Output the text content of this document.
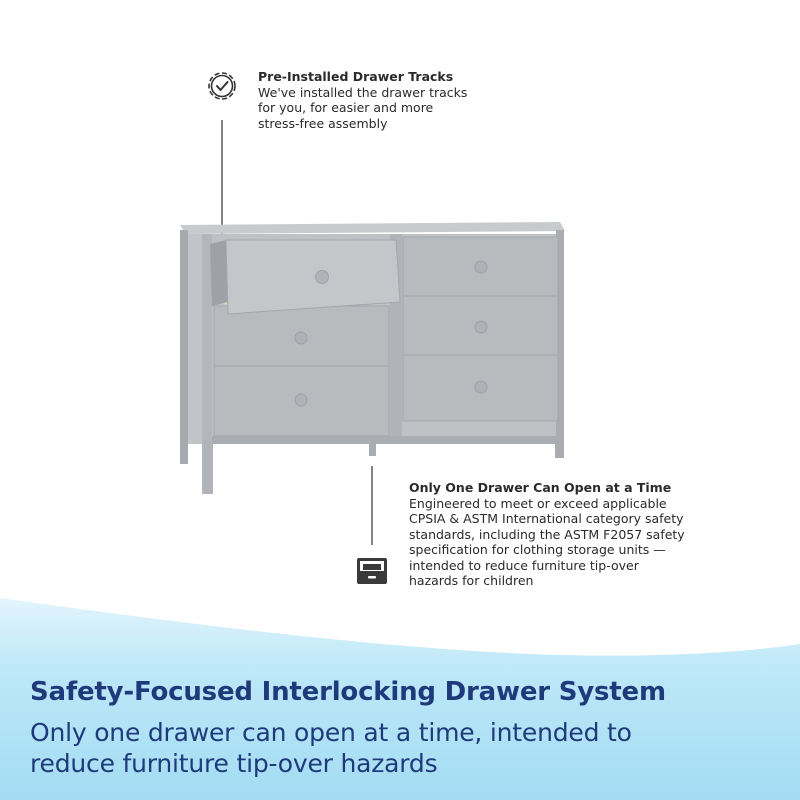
Pre-Installed Drawer Tracks
We've installed the drawer tracks
for you, for easier and more
stress-free assembly
Only One Drawer Can Open at a Time
Engineered to meet or exceed applicable
CPSIA & ASTM International category safety
standards, including the ASTM F2057 safety
specification for clothing storage units —
intended to reduce furniture tip-over
hazards for children
Safety-Focused Interlocking Drawer System
Only one drawer can open at a time, intended to
reduce furniture tip-over hazards
